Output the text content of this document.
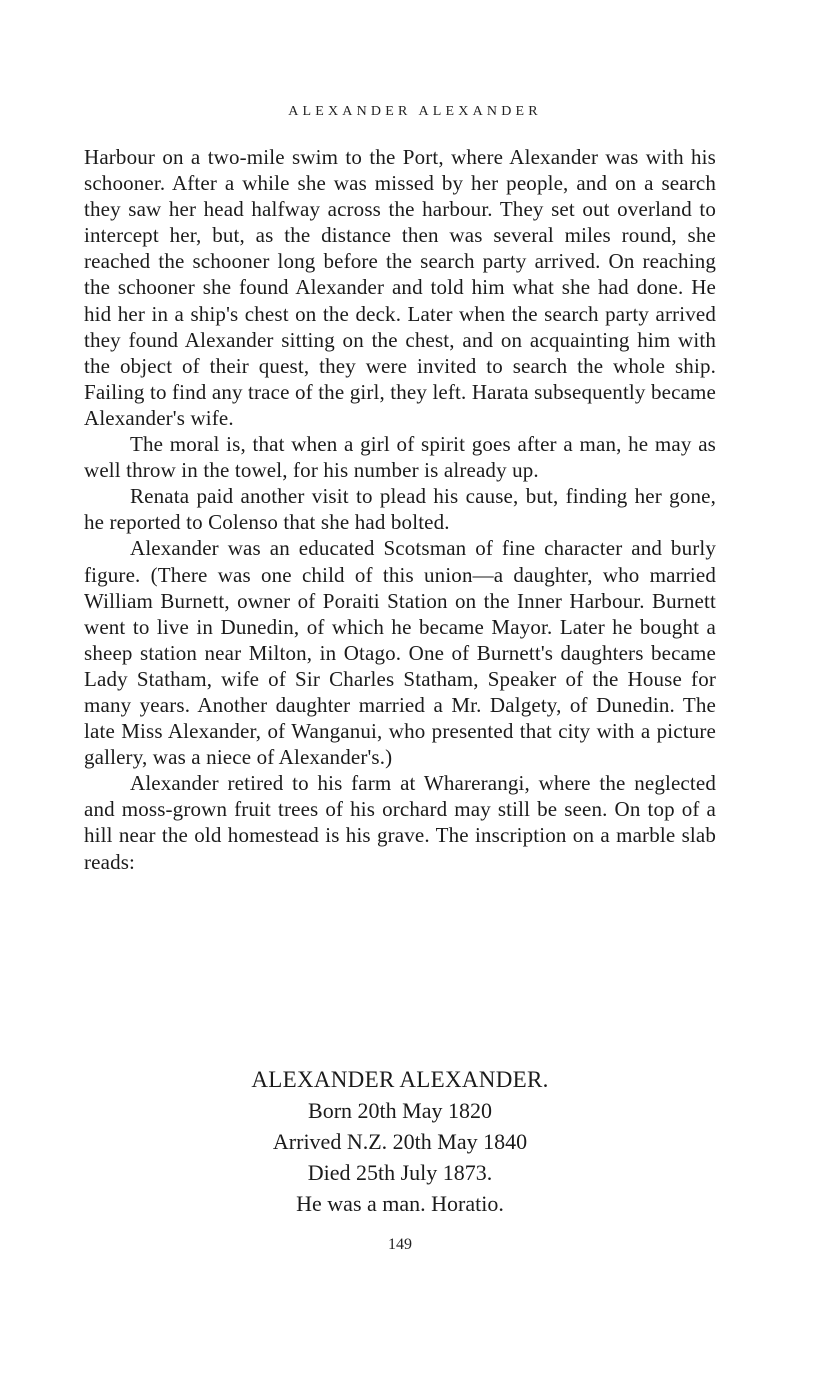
ALEXANDER ALEXANDER

Harbour on a two-mile swim to the Port, where Alexander was with his schooner. After a while she was missed by her people, and on a search they saw her head halfway across the harbour. They set out overland to intercept her, but, as the distance then was several miles round, she reached the schooner long before the search party arrived. On reaching the schooner she found Alexander and told him what she had done. He hid her in a ship's chest on the deck. Later when the search party arrived they found Alexander sitting on the chest, and on acquainting him with the object of their quest, they were invited to search the whole ship. Failing to find any trace of the girl, they left. Harata subsequently became Alexander's wife.

The moral is, that when a girl of spirit goes after a man, he may as well throw in the towel, for his number is already up.

Renata paid another visit to plead his cause, but, finding her gone, he reported to Colenso that she had bolted.

Alexander was an educated Scotsman of fine character and burly figure. (There was one child of this union—a daughter, who married William Burnett, owner of Poraiti Station on the Inner Harbour. Burnett went to live in Dunedin, of which he became Mayor. Later he bought a sheep station near Milton, in Otago. One of Burnett's daughters became Lady Statham, wife of Sir Charles Statham, Speaker of the House for many years. Another daughter married a Mr. Dalgety, of Dunedin. The late Miss Alexander, of Wanganui, who presented that city with a picture gallery, was a niece of Alexander's.)

Alexander retired to his farm at Wharerangi, where the neglected and moss-grown fruit trees of his orchard may still be seen. On top of a hill near the old homestead is his grave. The inscription on a marble slab reads:

ALEXANDER ALEXANDER.
Born 20th May 1820
Arrived N.Z. 20th May 1840
Died 25th July 1873.
He was a man. Horatio.
149
